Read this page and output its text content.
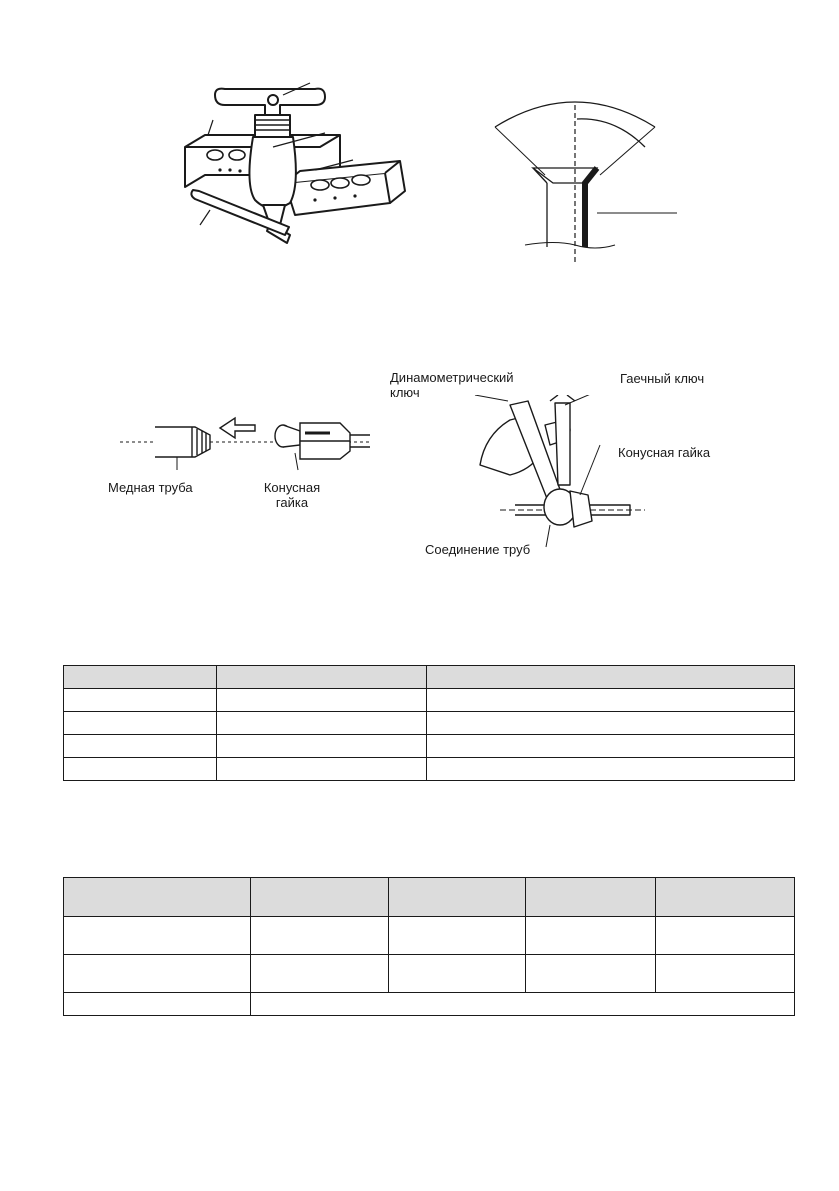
Медная труба	Конусная
гайка
Динамометрический
ключ
Гаечный ключ
Конусная гайка
Соединение труб
